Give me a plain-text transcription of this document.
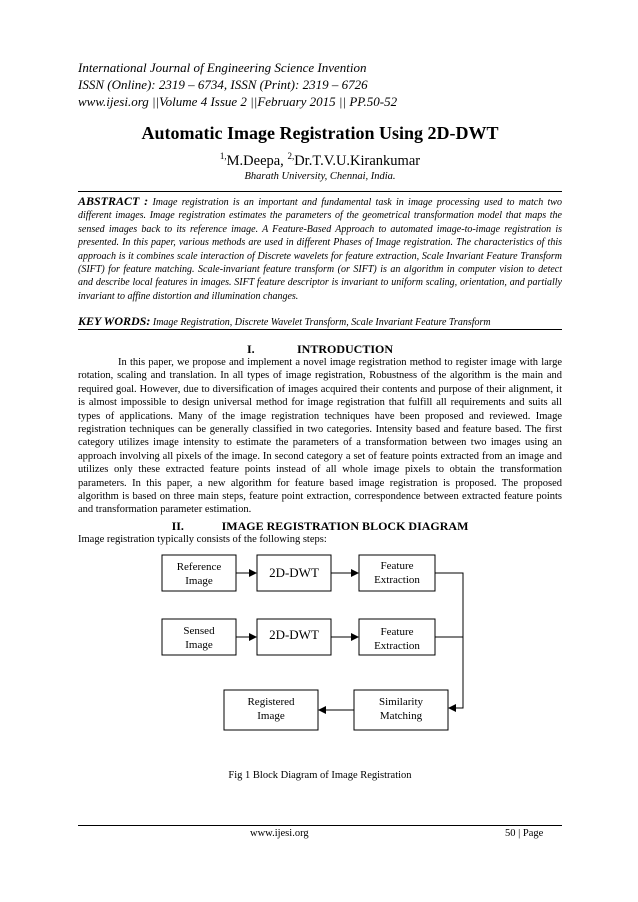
International Journal of Engineering Science Invention
ISSN (Online): 2319 – 6734, ISSN (Print): 2319 – 6726
www.ijesi.org ||Volume 4 Issue 2 ||February 2015 || PP.50-52
Automatic Image Registration Using 2D-DWT
$^{1,}$M.Deepa, $^{2,}$Dr.T.V.U.Kirankumar
Bharath University, Chennai, India.
ABSTRACT : Image registration is an important and fundamental task in image processing used to match two different images. Image registration estimates the parameters of the geometrical transformation model that maps the sensed images back to its reference image. A Feature-Based Approach to automated image-to-image registration is presented. In this paper, various methods are used in different Phases of Image registration. The characteristics of this approach is it combines scale interaction of Discrete wavelets for feature extraction, Scale Invariant Feature Transform (SIFT) for feature matching. Scale-invariant feature transform (or SIFT) is an algorithm in computer vision to detect and describe local features in images. SIFT feature descriptor is invariant to uniform scaling, orientation, and partially invariant to affine distortion and illumination changes.
KEY WORDS: Image Registration, Discrete Wavelet Transform, Scale Invariant Feature Transform
I.	INTRODUCTION
In this paper, we propose and implement a novel image registration method to register image with large rotation, scaling and translation. In all types of image registration, Robustness of the algorithm is the main and required goal. However, due to diversification of images acquired their contents and purpose of their alignment, it is almost impossible to design universal method for image registration that fulfill all requirements and suits all types of applications. Many of the image registration techniques have been proposed and reviewed. Image registration techniques can be generally classified in two categories. Intensity based and feature based. The first category utilizes image intensity to estimate the parameters of a transformation between two images using an approach involving all pixels of the image. In second category a set of feature points extracted from an image and utilizes only these extracted feature points instead of all whole image pixels to obtain the transformation parameters. In this paper, a new algorithm for feature based image registration is proposed. The proposed algorithm is based on three main steps, feature point extraction, correspondence between extracted feature points and transformation parameter estimation.
II.	IMAGE REGISTRATION BLOCK DIAGRAM
Image registration typically consists of the following steps:
Reference
Image
2D-DWT	Feature
Extraction
Sensed
Image
2D-DWT	Feature
Extraction
Registered
Image
Similarity
Matching
Fig 1 Block Diagram of Image Registration
www.ijesi.org	50 | Page
